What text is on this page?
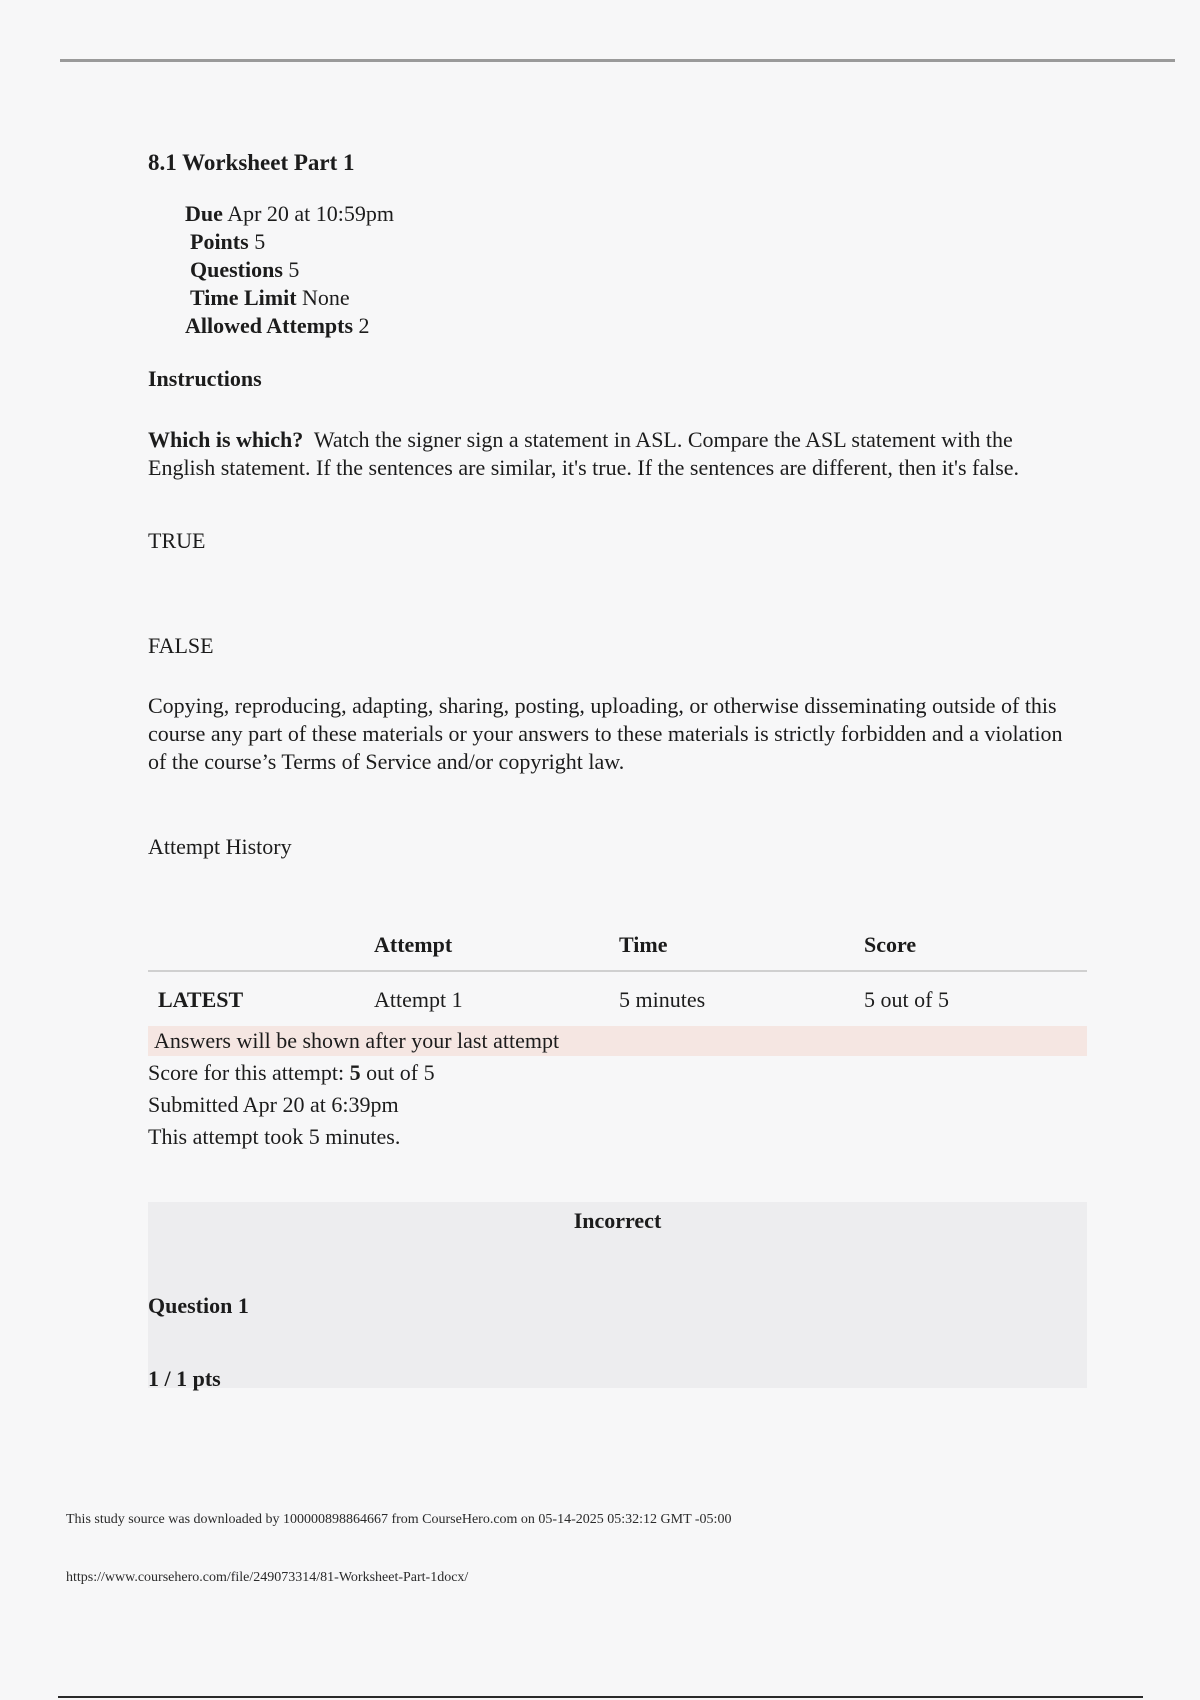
8.1 Worksheet Part 1
Due Apr 20 at 10:59pm
Points 5
Questions 5
Time Limit None
Allowed Attempts 2
Instructions
Which is which? Watch the signer sign a statement in ASL. Compare the ASL statement with the English statement. If the sentences are similar, it's true. If the sentences are different, then it's false.
TRUE
FALSE
Copying, reproducing, adapting, sharing, posting, uploading, or otherwise disseminating outside of this course any part of these materials or your answers to these materials is strictly forbidden and a violation of the course’s Terms of Service and/or copyright law.
Attempt History
	Attempt	Time	Score
LATEST	Attempt 1	5 minutes	5 out of 5
Answers will be shown after your last attempt
Score for this attempt: 5 out of 5
Submitted Apr 20 at 6:39pm
This attempt took 5 minutes.
Incorrect
Question 1
1 / 1 pts
This study source was downloaded by 100000898864667 from CourseHero.com on 05-14-2025 05:32:12 GMT -05:00
https://www.coursehero.com/file/249073314/81-Worksheet-Part-1docx/
